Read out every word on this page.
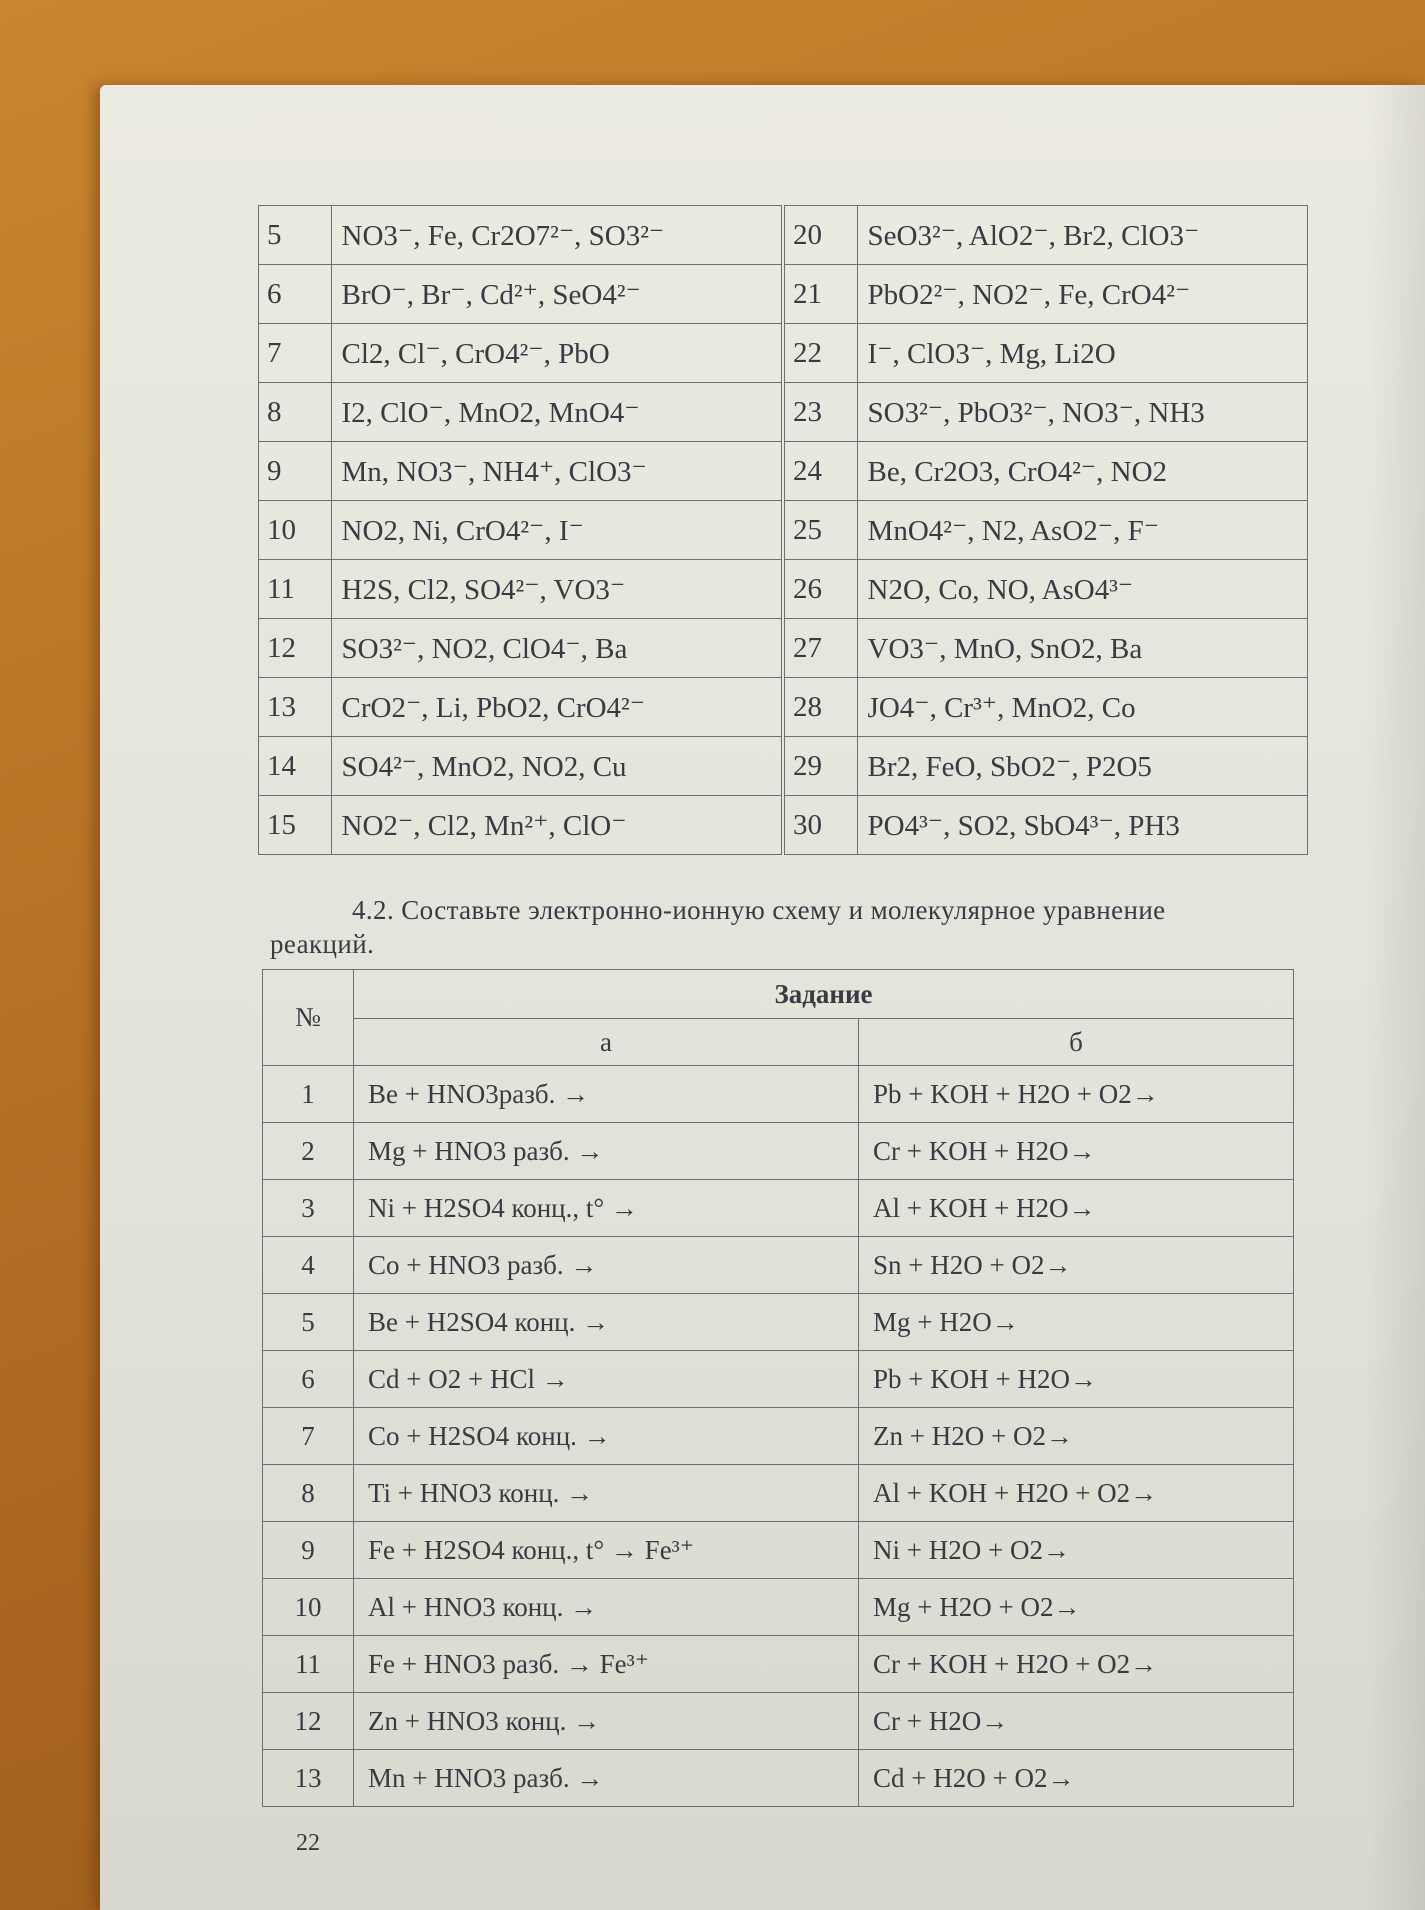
5	NO3⁻, Fe, Cr2O7²⁻, SO3²⁻	20	SeO3²⁻, AlO2⁻, Br2, ClO3⁻
6	BrO⁻, Br⁻, Cd²⁺, SeO4²⁻	21	PbO2²⁻, NO2⁻, Fe, CrO4²⁻
7	Cl2, Cl⁻, CrO4²⁻, PbO	22	I⁻, ClO3⁻, Mg, Li2O
8	I2, ClO⁻, MnO2, MnO4⁻	23	SO3²⁻, PbO3²⁻, NO3⁻, NH3
9	Mn, NO3⁻, NH4⁺, ClO3⁻	24	Be, Cr2O3, CrO4²⁻, NO2
10	NO2, Ni, CrO4²⁻, I⁻	25	MnO4²⁻, N2, AsO2⁻, F⁻
11	H2S, Cl2, SO4²⁻, VO3⁻	26	N2O, Co, NO, AsO4³⁻
12	SO3²⁻, NO2, ClO4⁻, Ba	27	VO3⁻, MnO, SnO2, Ba
13	CrO2⁻, Li, PbO2, CrO4²⁻	28	JO4⁻, Cr³⁺, MnO2, Co
14	SO4²⁻, MnO2, NO2, Cu	29	Br2, FeO, SbO2⁻, P2O5
15	NO2⁻, Cl2, Mn²⁺, ClO⁻	30	PO4³⁻, SO2, SbO4³⁻, PH3
4.2. Составьте электронно-ионную схему и молекулярное уравнение
реакций.
№	Задание	
	а	б
1	Be + HNO3разб. →	Pb + KOH + H2O + O2→
2	Mg + HNO3 разб. →	Cr + KOH + H2O→
3	Ni + H2SO4 конц., t° →	Al + KOH + H2O→
4	Co + HNO3 разб. →	Sn + H2O + O2→
5	Be + H2SO4 конц. →	Mg + H2O→
6	Cd + O2 + HCl →	Pb + KOH + H2O→
7	Co + H2SO4 конц. →	Zn + H2O + O2→
8	Ti + HNO3 конц. →	Al + KOH + H2O + O2→
9	Fe + H2SO4 конц., t° → Fe³⁺	Ni + H2O + O2→
10	Al + HNO3 конц. →	Mg + H2O + O2→
11	Fe + HNO3 разб. → Fe³⁺	Cr + KOH + H2O + O2→
12	Zn + HNO3 конц. →	Cr + H2O→
13	Mn + HNO3 разб. →	Cd + H2O + O2→
22
